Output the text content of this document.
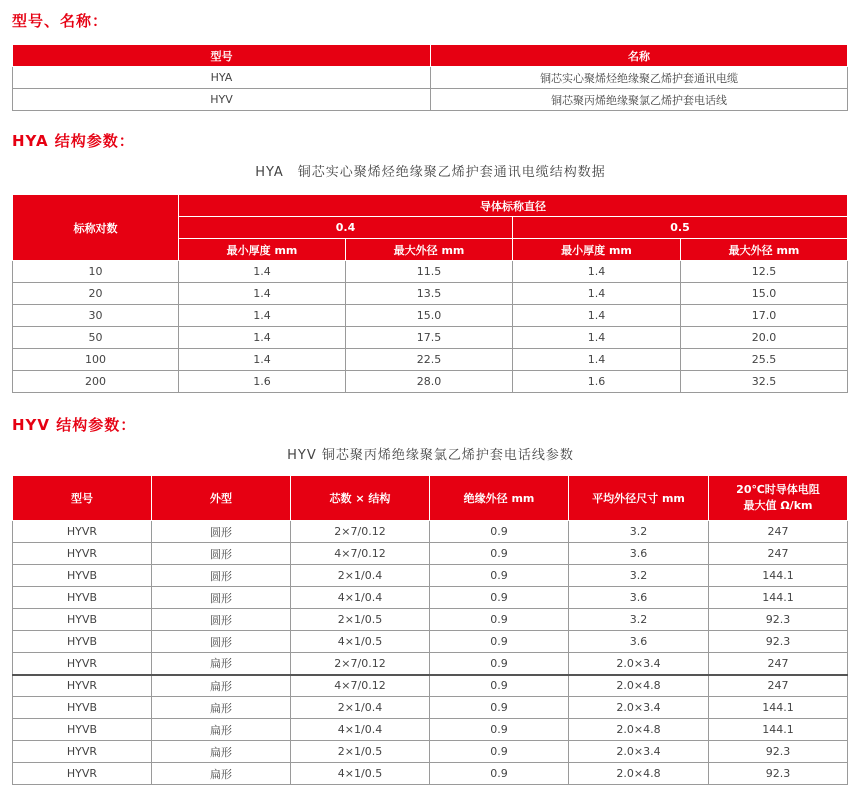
型号、名称：
型号	名称
HYA	铜芯实心聚烯烃绝缘聚乙烯护套通讯电缆
HYV	铜芯聚丙烯绝缘聚氯乙烯护套电话线
HYA 结构参数：
HYA　铜芯实心聚烯烃绝缘聚乙烯护套通讯电缆结构数据
标称对数	导体标称直径			
	0.4		0.5	
	最小厚度 mm	最大外径 mm	最小厚度 mm	最大外径 mm
10	1.4	11.5	1.4	12.5
20	1.4	13.5	1.4	15.0
30	1.4	15.0	1.4	17.0
50	1.4	17.5	1.4	20.0
100	1.4	22.5	1.4	25.5
200	1.6	28.0	1.6	32.5
HYV 结构参数：
HYV 铜芯聚丙烯绝缘聚氯乙烯护套电话线参数
型号	外型	芯数 × 结构	绝缘外径 mm	平均外径尺寸 mm	20℃时导体电阻
最大值 Ω/km

HYVR	圆形	2×7/0.12	0.9	3.2	247
HYVR	圆形	4×7/0.12	0.9	3.6	247
HYVB	圆形	2×1/0.4	0.9	3.2	144.1
HYVB	圆形	4×1/0.4	0.9	3.6	144.1
HYVB	圆形	2×1/0.5	0.9	3.2	92.3
HYVB	圆形	4×1/0.5	0.9	3.6	92.3
HYVR	扁形	2×7/0.12	0.9	2.0×3.4	247
HYVR	扁形	4×7/0.12	0.9	2.0×4.8	247
HYVB	扁形	2×1/0.4	0.9	2.0×3.4	144.1
HYVB	扁形	4×1/0.4	0.9	2.0×4.8	144.1
HYVR	扁形	2×1/0.5	0.9	2.0×3.4	92.3
HYVR	扁形	4×1/0.5	0.9	2.0×4.8	92.3
